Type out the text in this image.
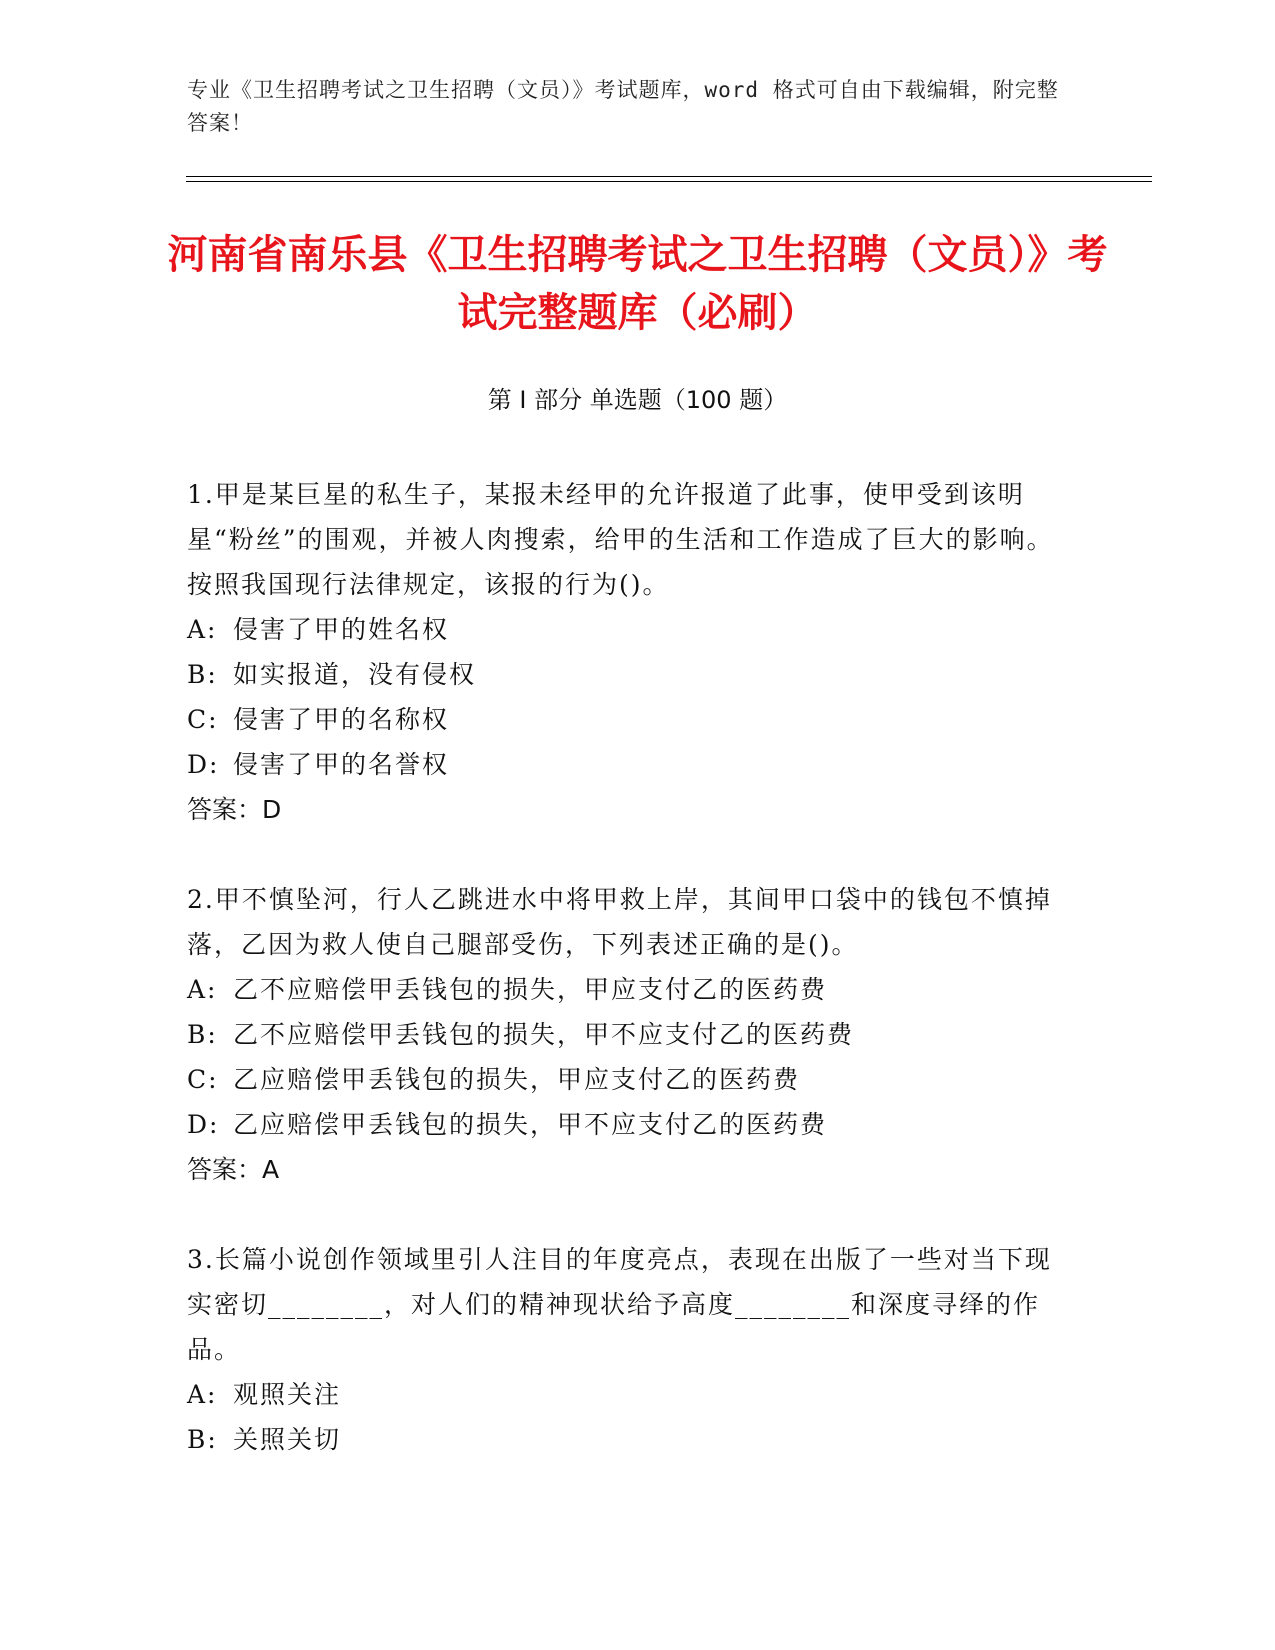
专业《卫生招聘考试之卫生招聘（文员）》考试题库，word 格式可自由下载编辑，附完整答案！
河南省南乐县《卫生招聘考试之卫生招聘（文员）》考试完整题库（必刷）
第 I 部分 单选题（100 题）

1.甲是某巨星的私生子，某报未经甲的允许报道了此事，使甲受到该明星“粉丝”的围观，并被人肉搜索，给甲的生活和工作造成了巨大的影响。按照我国现行法律规定，该报的行为()。

A: 侵害了甲的姓名权

B: 如实报道，没有侵权

C: 侵害了甲的名称权

D: 侵害了甲的名誉权

答案：D

2.甲不慎坠河，行人乙跳进水中将甲救上岸，其间甲口袋中的钱包不慎掉落，乙因为救人使自己腿部受伤，下列表述正确的是()。

A: 乙不应赔偿甲丢钱包的损失，甲应支付乙的医药费

B: 乙不应赔偿甲丢钱包的损失，甲不应支付乙的医药费

C: 乙应赔偿甲丢钱包的损失，甲应支付乙的医药费

D: 乙应赔偿甲丢钱包的损失，甲不应支付乙的医药费

答案：A

3.长篇小说创作领域里引人注目的年度亮点，表现在出版了一些对当下现实密切________，对人们的精神现状给予高度________和深度寻绎的作品。

A: 观照关注

B: 关照关切
